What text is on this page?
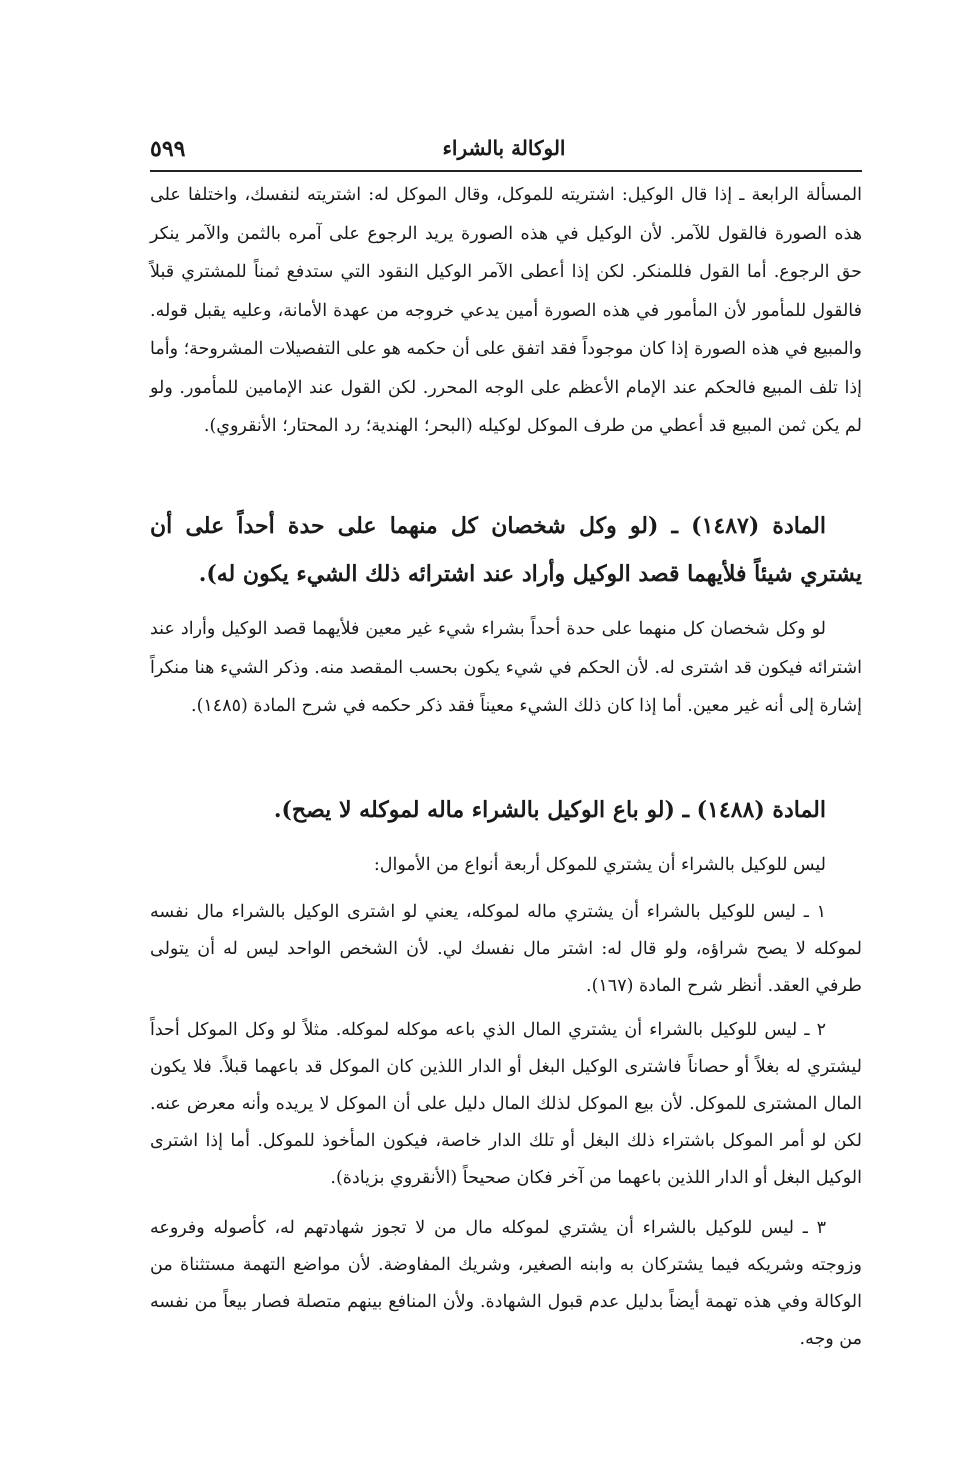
الوكالة بالشراء
٥٩٩

المسألة الرابعة ـ إذا قال الوكيل: اشتريته للموكل، وقال الموكل له: اشتريته لنفسك، واختلفا على هذه الصورة فالقول للآمر. لأن الوكيل في هذه الصورة يريد الرجوع على آمره بالثمن والآمر ينكر حق الرجوع. أما القول فللمنكر. لكن إذا أعطى الآمر الوكيل النقود التي ستدفع ثمناً للمشتري قبلاً فالقول للمأمور لأن المأمور في هذه الصورة أمين يدعي خروجه من عهدة الأمانة، وعليه يقبل قوله. والمبيع في هذه الصورة إذا كان موجوداً فقد اتفق على أن حكمه هو على التفصيلات المشروحة؛ وأما إذا تلف المبيع فالحكم عند الإمام الأعظم على الوجه المحرر. لكن القول عند الإمامين للمأمور. ولو لم يكن ثمن المبيع قد أعطي من طرف الموكل لوكيله (البحر؛ الهندية؛ رد المحتار؛ الأنقروي).

المادة (١٤٨٧) ـ (لو وكل شخصان كل منهما على حدة أحداً على أن يشتري شيئاً فلأيهما قصد الوكيل وأراد عند اشترائه ذلك الشيء يكون له).

لو وكل شخصان كل منهما على حدة أحداً بشراء شيء غير معين فلأيهما قصد الوكيل وأراد عند اشترائه فيكون قد اشترى له. لأن الحكم في شيء يكون بحسب المقصد منه. وذكر الشيء هنا منكراً إشارة إلى أنه غير معين. أما إذا كان ذلك الشيء معيناً فقد ذكر حكمه في شرح المادة (١٤٨٥).

المادة (١٤٨٨) ـ (لو باع الوكيل بالشراء ماله لموكله لا يصح).

ليس للوكيل بالشراء أن يشتري للموكل أربعة أنواع من الأموال:

١ ـ ليس للوكيل بالشراء أن يشتري ماله لموكله، يعني لو اشترى الوكيل بالشراء مال نفسه لموكله لا يصح شراؤه، ولو قال له: اشتر مال نفسك لي. لأن الشخص الواحد ليس له أن يتولى طرفي العقد. أنظر شرح المادة (١٦٧).

٢ ـ ليس للوكيل بالشراء أن يشتري المال الذي باعه موكله لموكله. مثلاً لو وكل الموكل أحداً ليشتري له بغلاً أو حصاناً فاشترى الوكيل البغل أو الدار اللذين كان الموكل قد باعهما قبلاً. فلا يكون المال المشترى للموكل. لأن بيع الموكل لذلك المال دليل على أن الموكل لا يريده وأنه معرض عنه. لكن لو أمر الموكل باشتراء ذلك البغل أو تلك الدار خاصة، فيكون المأخوذ للموكل. أما إذا اشترى الوكيل البغل أو الدار اللذين باعهما من آخر فكان صحيحاً (الأنقروي بزيادة).

٣ ـ ليس للوكيل بالشراء أن يشتري لموكله مال من لا تجوز شهادتهم له، كأصوله وفروعه وزوجته وشريكه فيما يشتركان به وابنه الصغير، وشريك المفاوضة. لأن مواضع التهمة مستثناة من الوكالة وفي هذه تهمة أيضاً بدليل عدم قبول الشهادة. ولأن المنافع بينهم متصلة فصار بيعاً من نفسه من وجه.
